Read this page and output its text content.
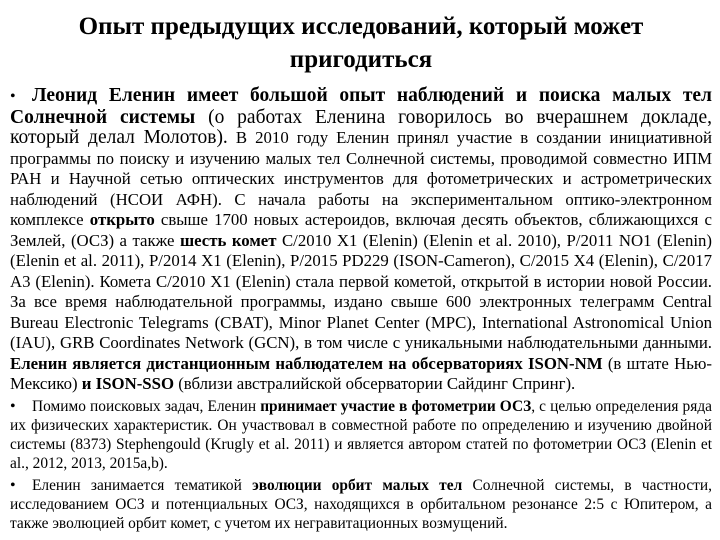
Опыт предыдущих исследований, который может пригодиться

• Леонид Еленин имеет большой опыт наблюдений и поиска малых тел Солнечной системы (о работах Еленина говорилось во вчерашнем докладе, который делал Молотов). В 2010 году Еленин принял участие в создании инициативной программы по поиску и изучению малых тел Солнечной системы, проводимой совместно ИПМ РАН и Научной сетью оптических инструментов для фотометрических и астрометрических наблюдений (НСОИ АФН). С начала работы на экспериментальном оптико-электронном комплексе открыто свыше 1700 новых астероидов, включая десять объектов, сближающихся с Землей, (ОСЗ) а также шесть комет C/2010 X1 (Elenin) (Elenin et al. 2010), P/2011 NO1 (Elenin) (Elenin et al. 2011), P/2014 X1 (Elenin), P/2015 PD229 (ISON-Cameron), C/2015 X4 (Elenin), C/2017 A3 (Elenin). Комета C/2010 X1 (Elenin) стала первой кометой, открытой в истории новой России. За все время наблюдательной программы, издано свыше 600 электронных телеграмм Central Bureau Electronic Telegrams (CBAT), Minor Planet Center (MPC), International Astronomical Union (IAU), GRB Coordinates Network (GCN), в том числе с уникальными наблюдательными данными. Еленин является дистанционным наблюдателем на обсерваториях ISON-NM (в штате Нью-Мексико) и ISON-SSO (вблизи австралийской обсерватории Сайдинг Спринг).

• Помимо поисковых задач, Еленин принимает участие в фотометрии ОСЗ, с целью определения ряда их физических характеристик. Он участвовал в совместной работе по определению и изучению двойной системы (8373) Stephengould (Krugly et al. 2011) и является автором статей по фотометрии ОСЗ (Elenin et al., 2012, 2013, 2015a,b).

• Еленин занимается тематикой эволюции орбит малых тел Солнечной системы, в частности, исследованием ОСЗ и потенциальных ОСЗ, находящихся в орбитальном резонансе 2:5 с Юпитером, а также эволюцией орбит комет, с учетом их негравитационных возмущений.
